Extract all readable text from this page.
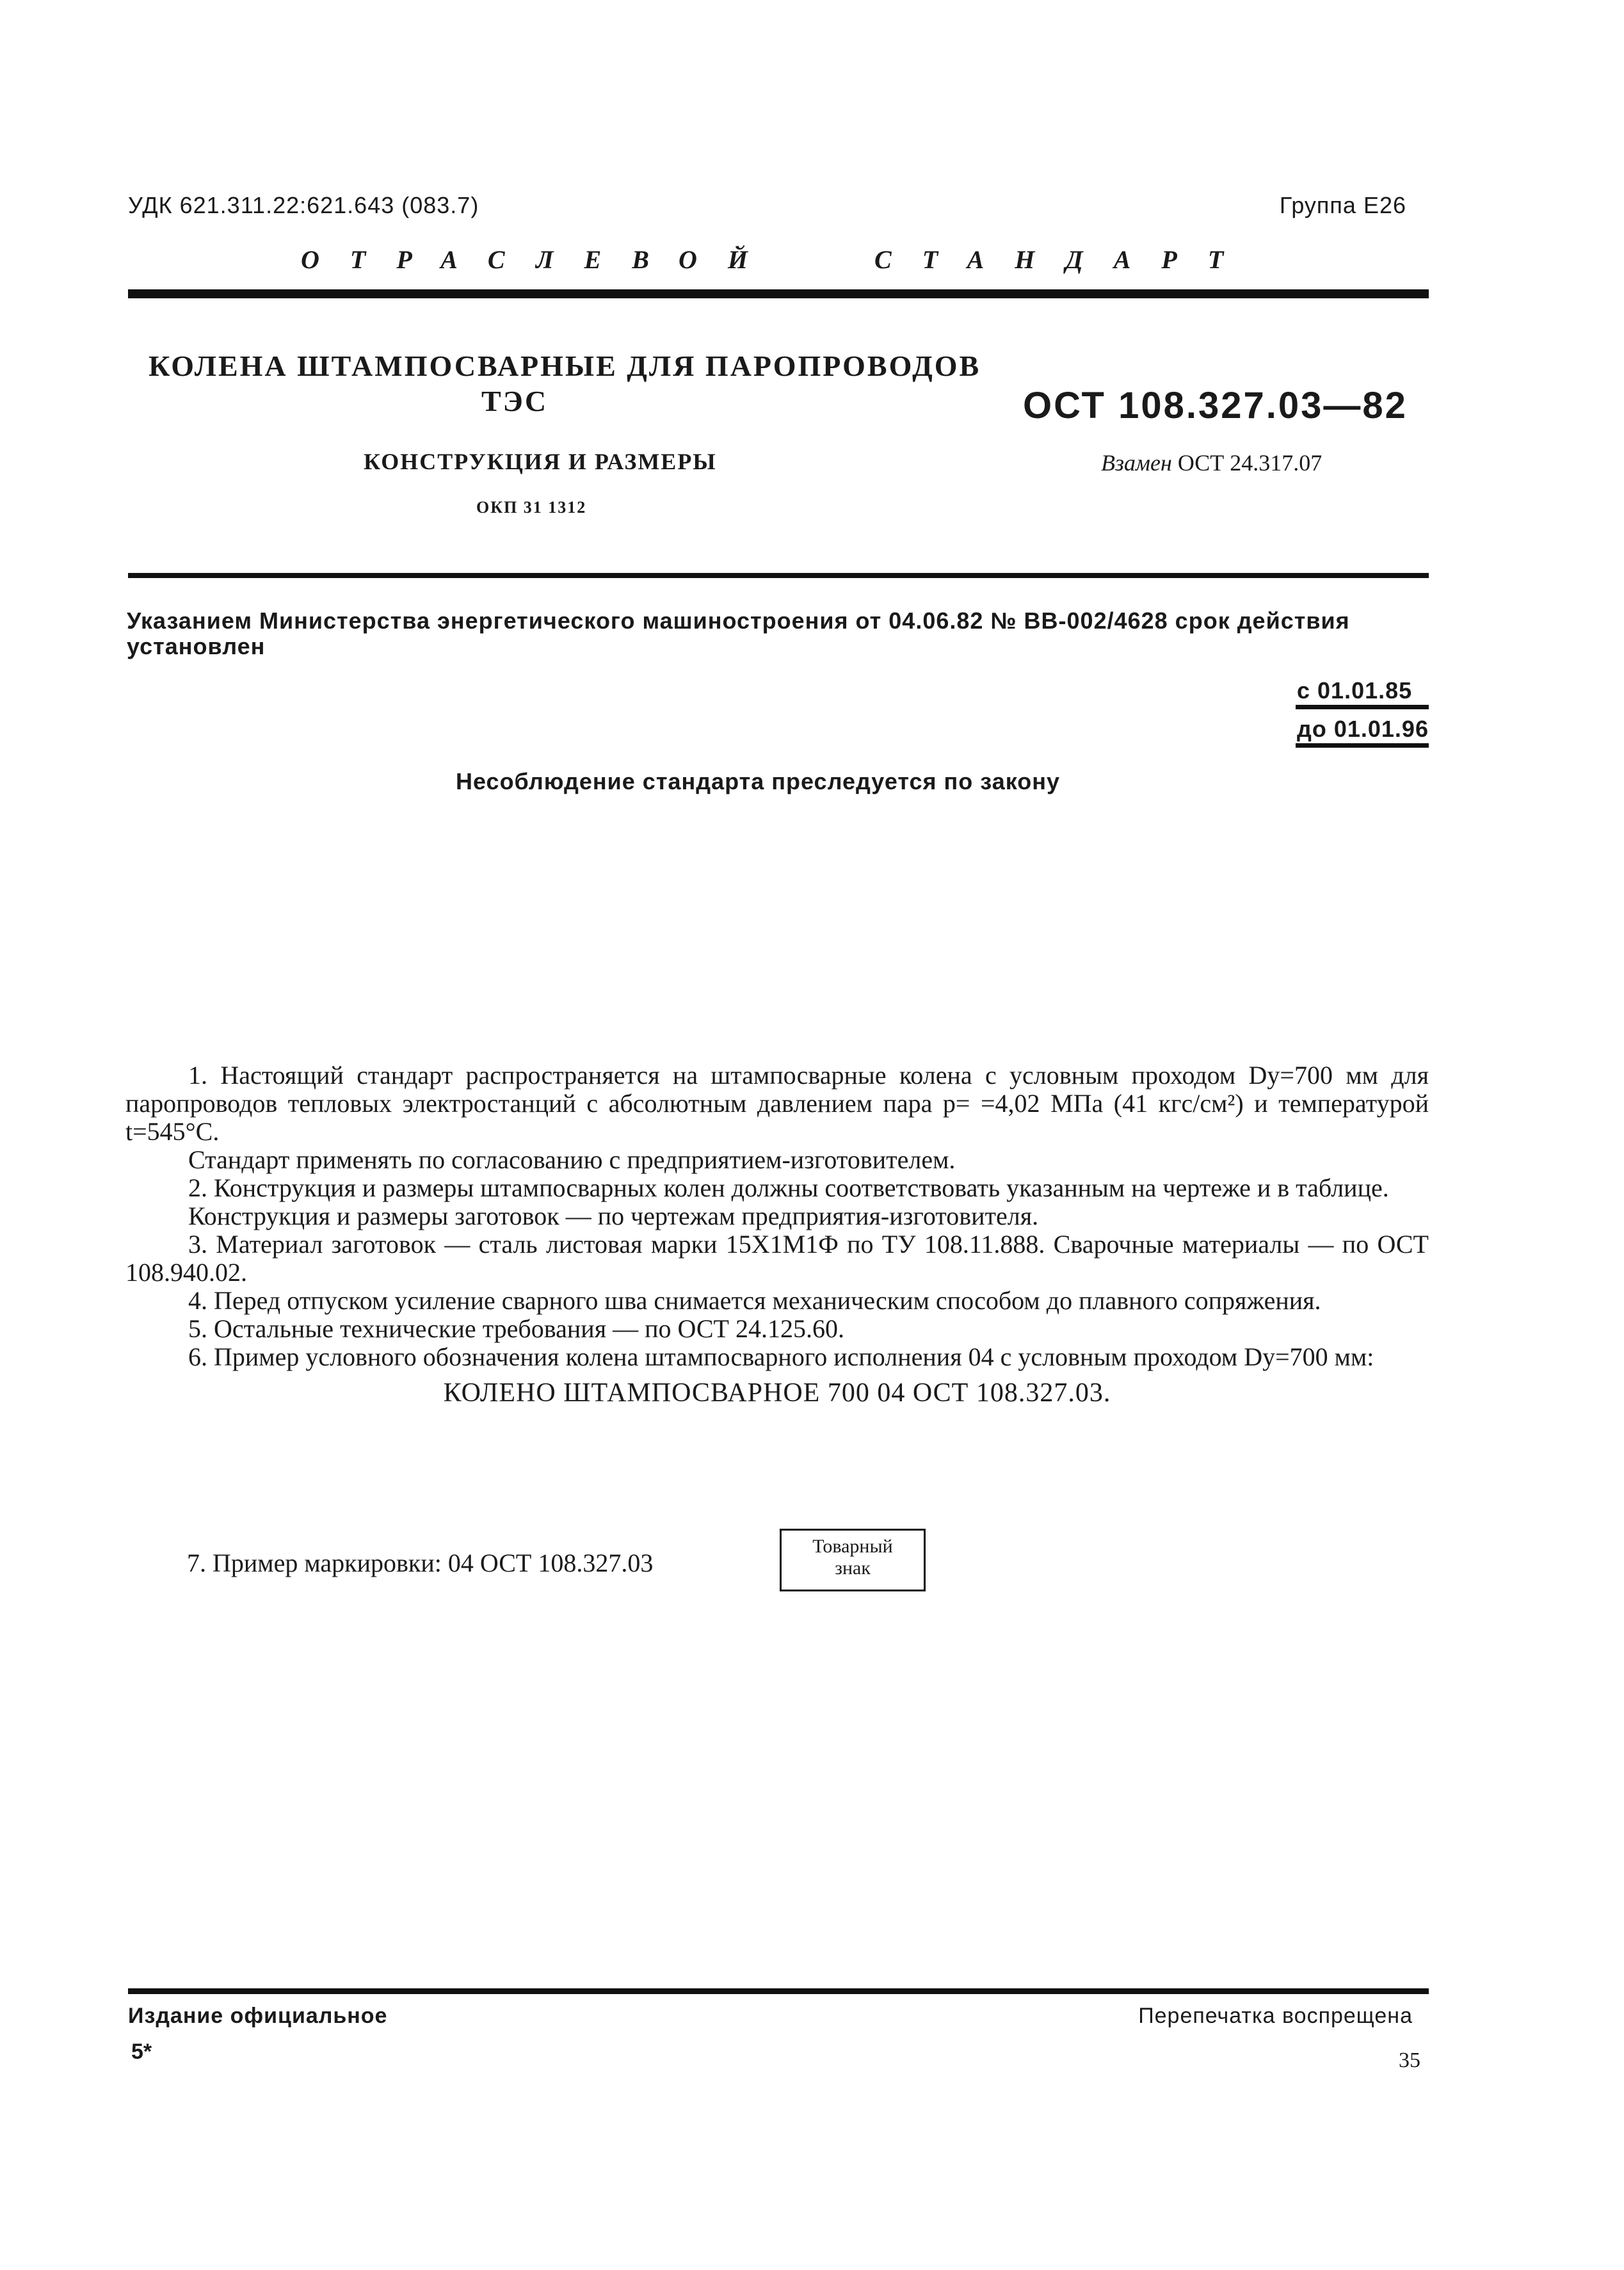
УДК 621.311.22:621.643 (083.7)	Группа Е26
ОТРАСЛЕВОЙ	СТАНДАРТ
КОЛЕНА ШТАМПОСВАРНЫЕ ДЛЯ ПАРОПРОВОДОВ
ТЭС	ОСТ 108.327.03—82
КОНСТРУКЦИЯ И РАЗМЕРЫ	Взамен ОСТ 24.317.07
ОКП 31 1312
Указанием Министерства энергетического машиностроения от 04.06.82 № ВВ-002/4628 срок действия установлен
с 01.01.85
до 01.01.96
Несоблюдение стандарта преследуется по закону

1. Настоящий стандарт распространяется на штампосварные колена с условным проходом Dу=700 мм для паропроводов тепловых электростанций с абсолютным давлением пара р= =4,02 МПа (41 кгс/см²) и температурой t=545°С.

Стандарт применять по согласованию с предприятием-изготовителем.

2. Конструкция и размеры штампосварных колен должны соответствовать указанным на чертеже и в таблице.

Конструкция и размеры заготовок — по чертежам предприятия-изготовителя.

3. Материал заготовок — сталь листовая марки 15Х1М1Ф по ТУ 108.11.888. Сварочные материалы — по ОСТ 108.940.02.

4. Перед отпуском усиление сварного шва снимается механическим способом до плавного сопряжения.

5. Остальные технические требования — по ОСТ 24.125.60.

6. Пример условного обозначения колена штампосварного исполнения 04 с условным проходом Dу=700 мм:

КОЛЕНО ШТАМПОСВАРНОЕ 700 04 ОСТ 108.327.03.

7. Пример маркировки: 04 ОСТ 108.327.03
Товарный
знак
Издание официальное	Перепечатка воспрещена
5*	35
